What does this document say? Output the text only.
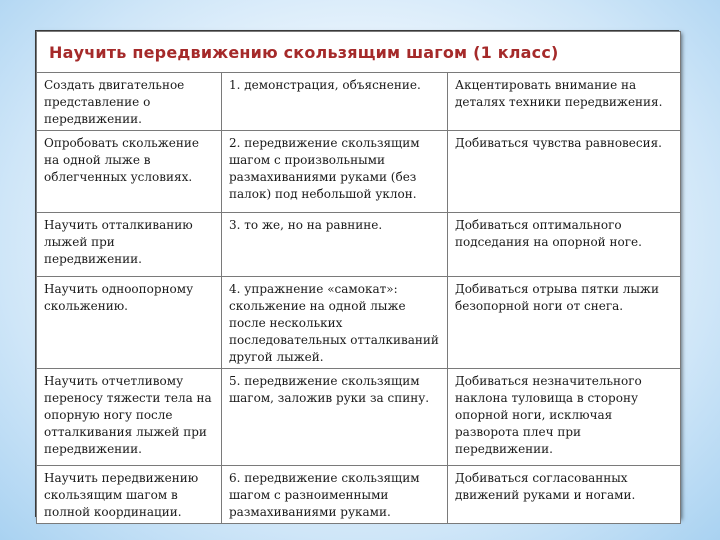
Научить передвижению скользящим шагом (1 класс)		
Создать двигательное представление о передвижении.	1. демонстрация, объяснение.	Акцентировать внимание на деталях техники передвижения.
Опробовать скольжение на одной лыже в облегченных условиях.	2. передвижение скользящим шагом с произвольными размахиваниями руками (без палок) под небольшой уклон.	Добиваться чувства равновесия.
Научить отталкиванию лыжей при передвижении.	3. то же, но на равнине.	Добиваться оптимального подседания на опорной ноге.
Научить одноопорному скольжению.	4. упражнение «самокат»: скольжение на одной лыже после нескольких последовательных отталкиваний другой лыжей.	Добиваться отрыва пятки лыжи безопорной ноги от снега.
Научить отчетливому переносу тяжести тела на опорную ногу после отталкивания лыжей при передвижении.	5. передвижение скользящим шагом, заложив руки за спину.	Добиваться незначительного наклона туловища в сторону опорной ноги, исключая разворота плеч при передвижении.
Научить передвижению скользящим шагом в полной координации.	6. передвижение скользящим шагом с разноименными размахиваниями руками.	Добиваться согласованных движений руками и ногами.
